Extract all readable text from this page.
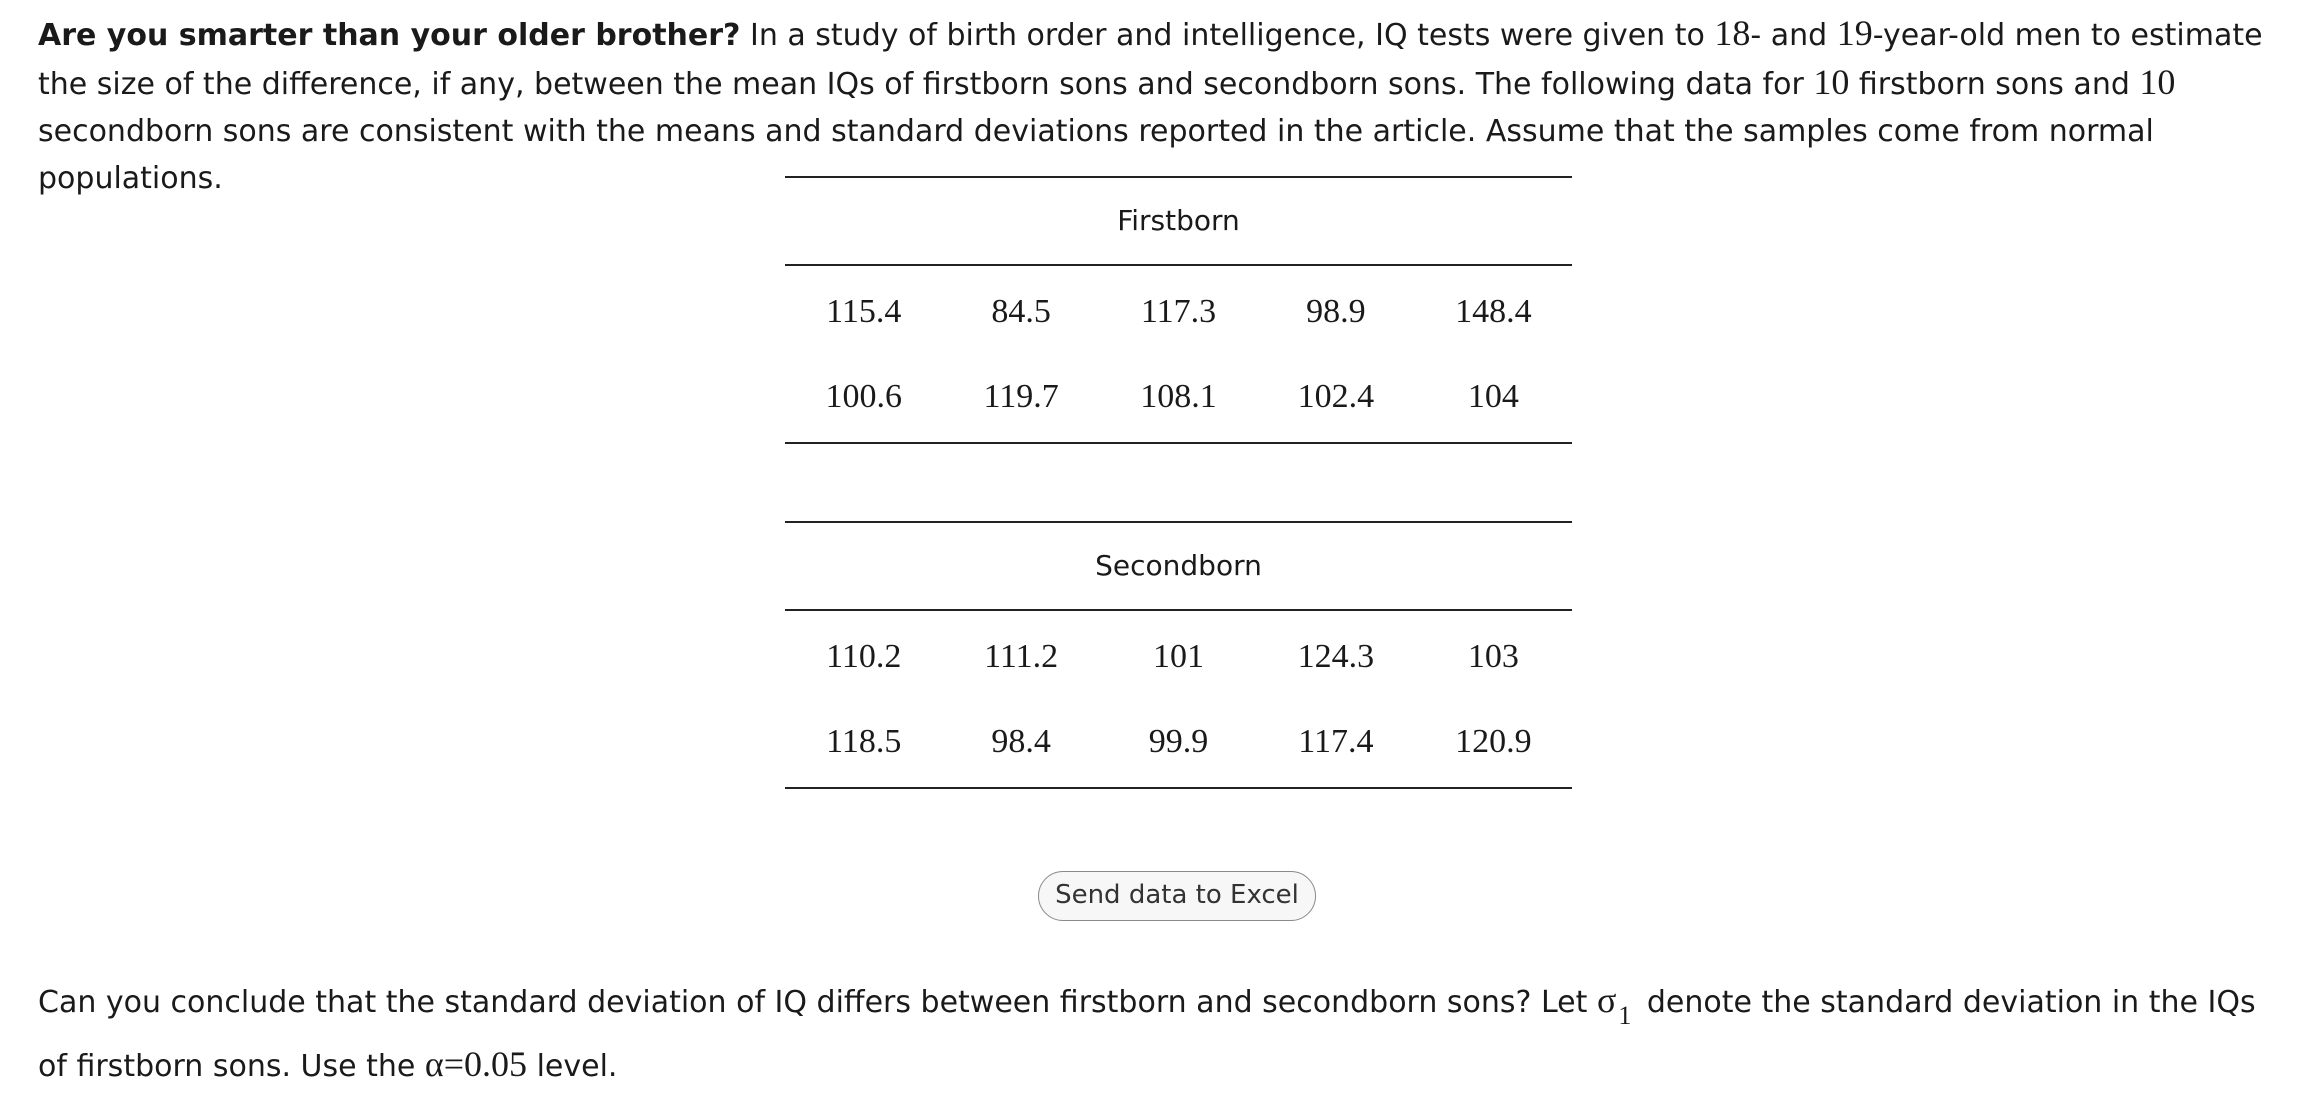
Are you smarter than your older brother? In a study of birth order and intelligence, IQ tests were given to 18- and 19-year-old men to estimate the size of the difference, if any, between the mean IQs of firstborn sons and secondborn sons. The following data for 10 firstborn sons and 10 secondborn sons are consistent with the means and standard deviations reported in the article. Assume that the samples come from normal populations.

Firstborn
115.4	84.5	117.3	98.9	148.4
100.6	119.7	108.1	102.4	104
Secondborn
110.2	111.2	101	124.3	103
118.5	98.4	99.9	117.4	120.9
Send data to Excel

Can you conclude that the standard deviation of IQ differs between firstborn and secondborn sons? Let σ1 denote the standard deviation in the IQs of firstborn sons. Use the α=0.05 level.
